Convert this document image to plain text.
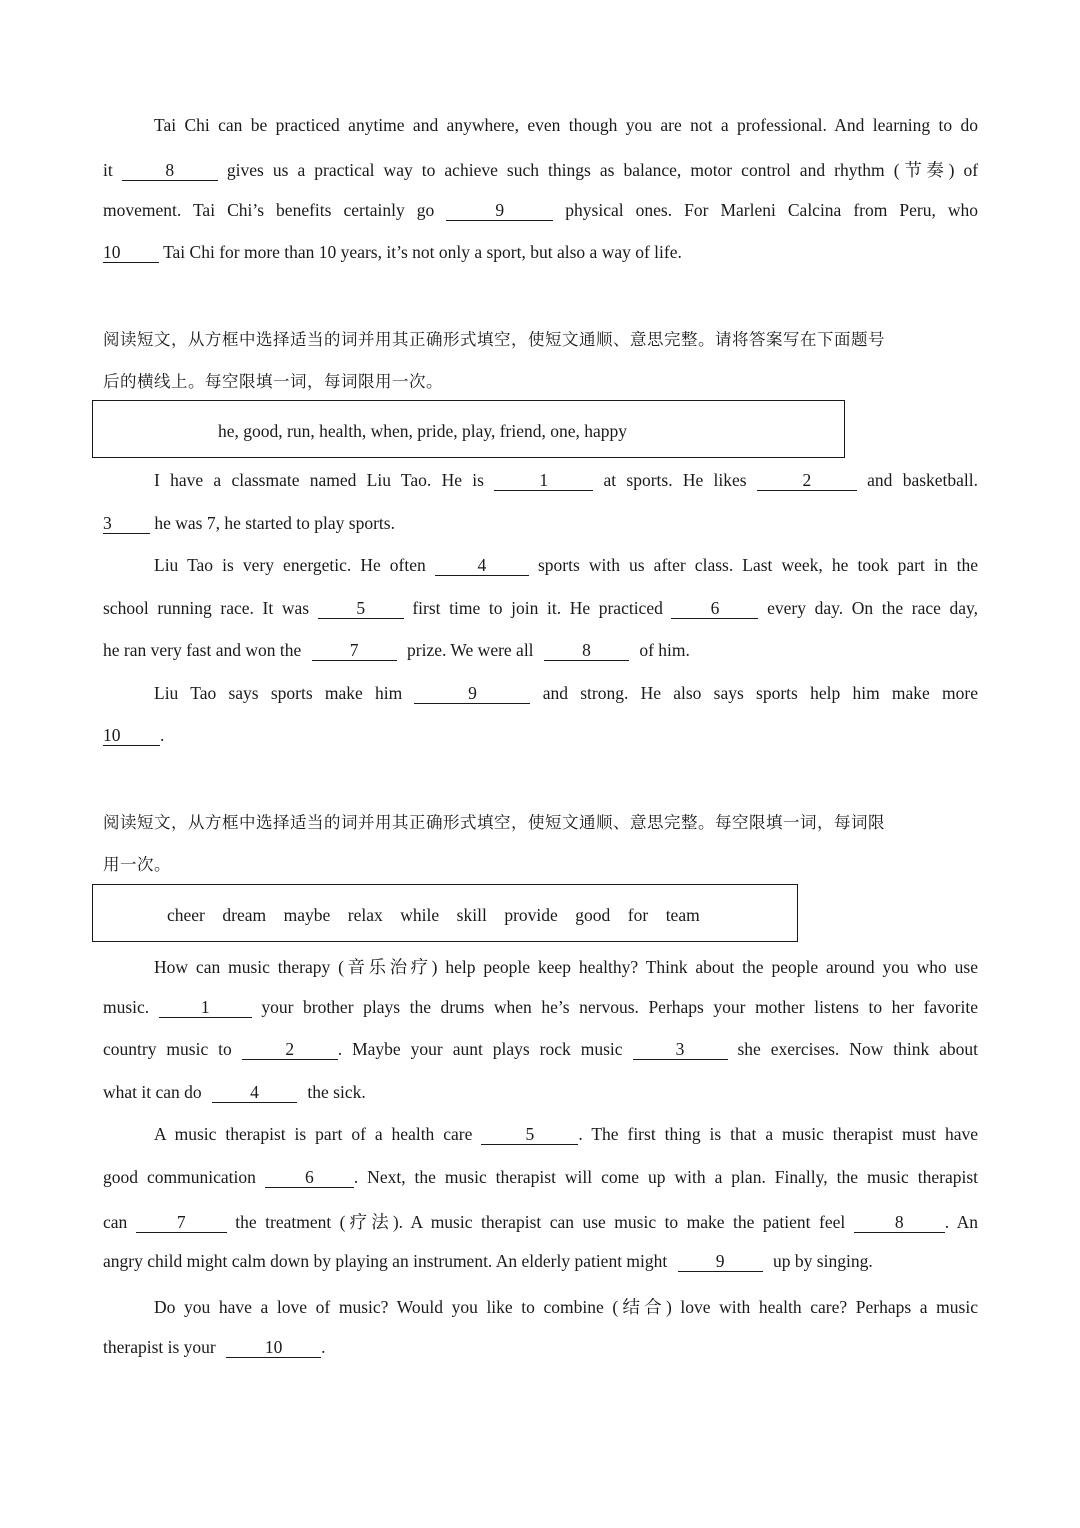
Tai Chi can be practiced anytime and anywhere, even though you are not a professional. And learning to do
it	8	gives us a practical way to achieve such things as balance, motor control and rhythm (节奏) of
movement. Tai Chi’s benefits certainly go	9	physical ones. For Marleni Calcina from Peru, who
10 Tai Chi for more than 10 years, it’s not only a sport, but also a way of life.
阅读短文，从方框中选择适当的词并用其正确形式填空，使短文通顺、意思完整。请将答案写在下面题号
后的横线上。每空限填一词，每词限用一次。
he, good, run, health, when, pride, play, friend, one, happy
I have a classmate named Liu Tao. He is	1	at sports. He likes	2	and basketball.
3 he was 7, he started to play sports.
Liu Tao is very energetic. He often	4	sports with us after class. Last week, he took part in the
school running race. It was	5	first time to join it. He practiced	6	every day. On the race day,
he ran very fast and won the	7	prize. We were all	8	of him.
Liu Tao says sports make him	9	and strong. He also says sports help him make more
10 .
阅读短文，从方框中选择适当的词并用其正确形式填空，使短文通顺、意思完整。每空限填一词，每词限
用一次。
cheer dream maybe relax while skill provide good for team
How can music therapy (音乐治疗) help people keep healthy? Think about the people around you who use
music.	1	your brother plays the drums when he’s nervous. Perhaps your mother listens to her favorite
country music to	2 . Maybe your aunt plays rock music	3	she exercises. Now think about
what it can do	4	the sick.
A music therapist is part of a health care	5	. The first thing is that a music therapist must have
good communication	6 . Next, the music therapist will come up with a plan. Finally, the music therapist
can	7	the treatment (疗法). A music therapist can use music to make the patient feel	8 . An
angry child might calm down by playing an instrument. An elderly patient might	9	up by singing.
Do you have a love of music? Would you like to combine (结合) love with health care? Perhaps a music
therapist is your	10 .
